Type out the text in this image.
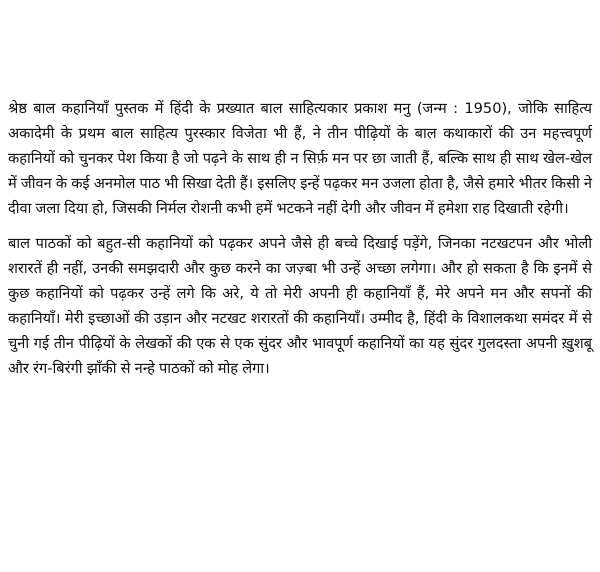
श्रेष्ठ बाल कहानियाँ पुस्तक में हिंदी के प्रख्यात बाल साहित्यकार प्रकाश मनु (जन्म : 1950), जोकि साहित्य अकादेमी के प्रथम बाल साहित्य पुरस्कार विजेता भी हैं, ने तीन पीढ़ियों के बाल कथाकारों की उन महत्त्वपूर्ण कहानियों को चुनकर पेश किया है जो पढ़ने के साथ ही न सिर्फ़ मन पर छा जाती हैं, बल्कि साथ ही साथ खेल-खेल में जीवन के कई अनमोल पाठ भी सिखा देती हैं। इसलिए इन्हें पढ़कर मन उजला होता है, जैसे हमारे भीतर किसी ने दीवा जला दिया हो, जिसकी निर्मल रोशनी कभी हमें भटकने नहीं देगी और जीवन में हमेशा राह दिखाती रहेगी।

बाल पाठकों को बहुत-सी कहानियों को पढ़कर अपने जैसे ही बच्चे दिखाई पड़ेंगे, जिनका नटखटपन और भोली शरारतें ही नहीं, उनकी समझदारी और कुछ करने का जज़्बा भी उन्हें अच्छा लगेगा। और हो सकता है कि इनमें से कुछ कहानियों को पढ़कर उन्हें लगे कि अरे, ये तो मेरी अपनी ही कहानियाँ हैं, मेरे अपने मन और सपनों की कहानियाँ। मेरी इच्छाओं की उड़ान और नटखट शरारतों की कहानियाँ। उम्मीद है, हिंदी के विशालकथा समंदर में से चुनी गई तीन पीढ़ियों के लेखकों की एक से एक सुंदर और भावपूर्ण कहानियों का यह सुंदर गुलदस्ता अपनी ख़ुशबू और रंग-बिरंगी झाँकी से नन्हे पाठकों को मोह लेगा।
